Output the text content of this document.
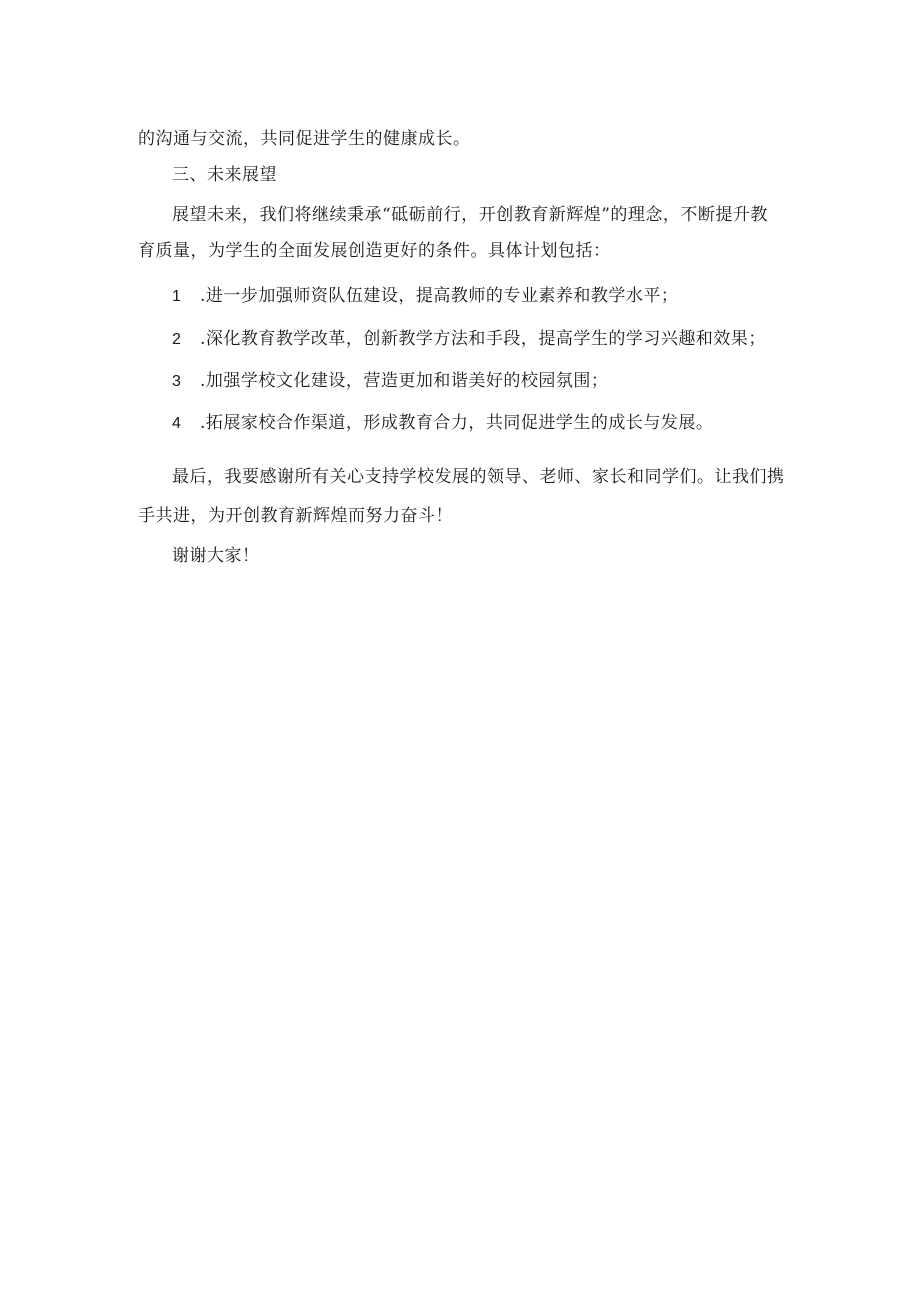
的沟通与交流，共同促进学生的健康成长。
三、未来展望
展望未来，我们将继续秉承“砥砺前行，开创教育新辉煌”的理念，不断提升教
育质量，为学生的全面发展创造更好的条件。具体计划包括：
1 .进一步加强师资队伍建设，提高教师的专业素养和教学水平；
2 .深化教育教学改革，创新教学方法和手段，提高学生的学习兴趣和效果；
3 .加强学校文化建设，营造更加和谐美好的校园氛围；
4 .拓展家校合作渠道，形成教育合力，共同促进学生的成长与发展。
最后，我要感谢所有关心支持学校发展的领导、老师、家长和同学们。让我们携
手共进，为开创教育新辉煌而努力奋斗！
谢谢大家！
